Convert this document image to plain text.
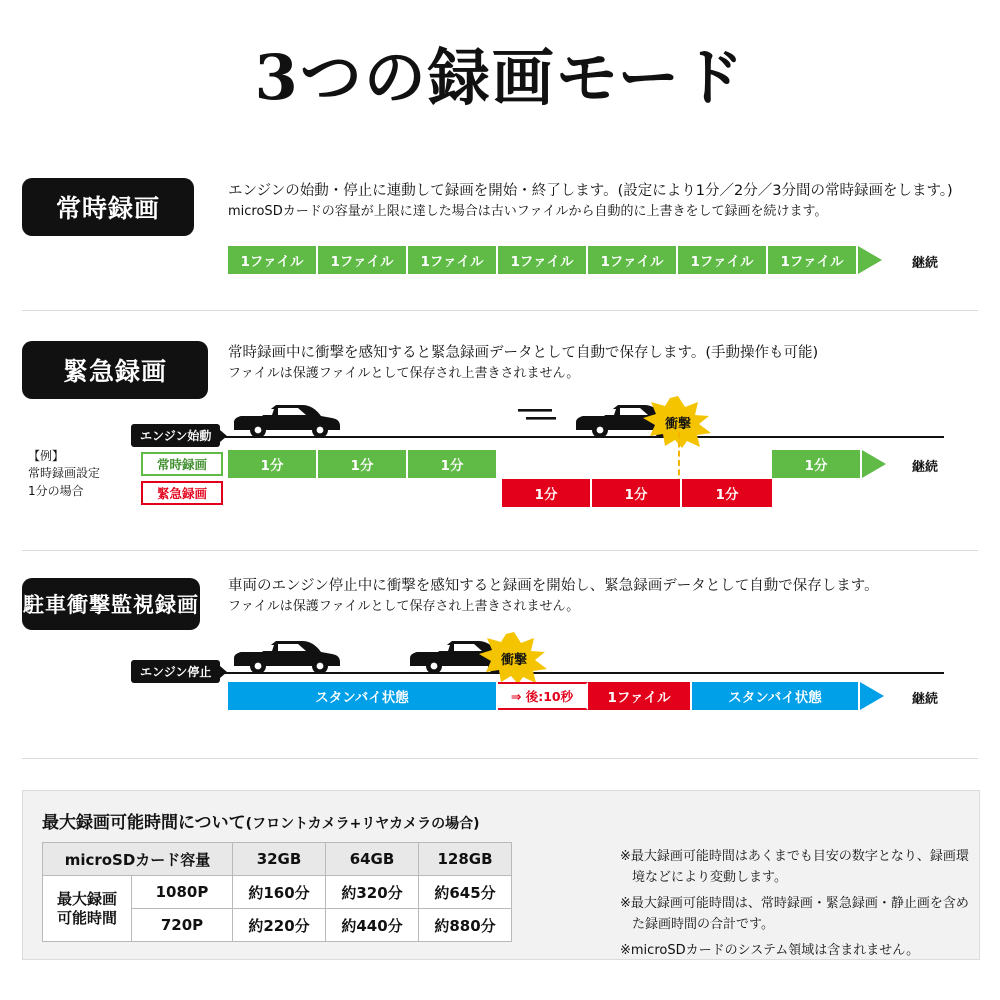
3つの録画モード
常時録画
エンジンの始動・停止に連動して録画を開始・終了します。(設定により1分／2分／3分間の常時録画をします。)
microSDカードの容量が上限に達した場合は古いファイルから自動的に上書きをして録画を続けます。
1ファイル	1ファイル	1ファイル	1ファイル	1ファイル	1ファイル	1ファイル	継続
緊急録画
常時録画中に衝撃を感知すると緊急録画データとして自動で保存します。(手動操作も可能)
ファイルは保護ファイルとして保存され上書きされません。
エンジン始動
衝撃
【例】
常時録画設定
1分の場合
常時録画
緊急録画
1分	1分	1分	1分	継続
1分	1分	1分
駐車衝撃監視録画
車両のエンジン停止中に衝撃を感知すると録画を開始し、緊急録画データとして自動で保存します。
ファイルは保護ファイルとして保存され上書きされません。
エンジン停止
衝撃
スタンバイ状態	⇒ 後:10秒	1ファイル	スタンバイ状態	継続
最大録画可能時間について(フロントカメラ+リヤカメラの場合)
microSDカード容量		32GB	64GB	128GB
最大録画
可能時間	1080P	約160分	約320分	約645分
	720P	約220分	約440分	約880分
※最大録画可能時間はあくまでも目安の数字となり、録画環境などにより変動します。
※最大録画可能時間は、常時録画・緊急録画・静止画を含めた録画時間の合計です。
※microSDカードのシステム領域は含まれません。
